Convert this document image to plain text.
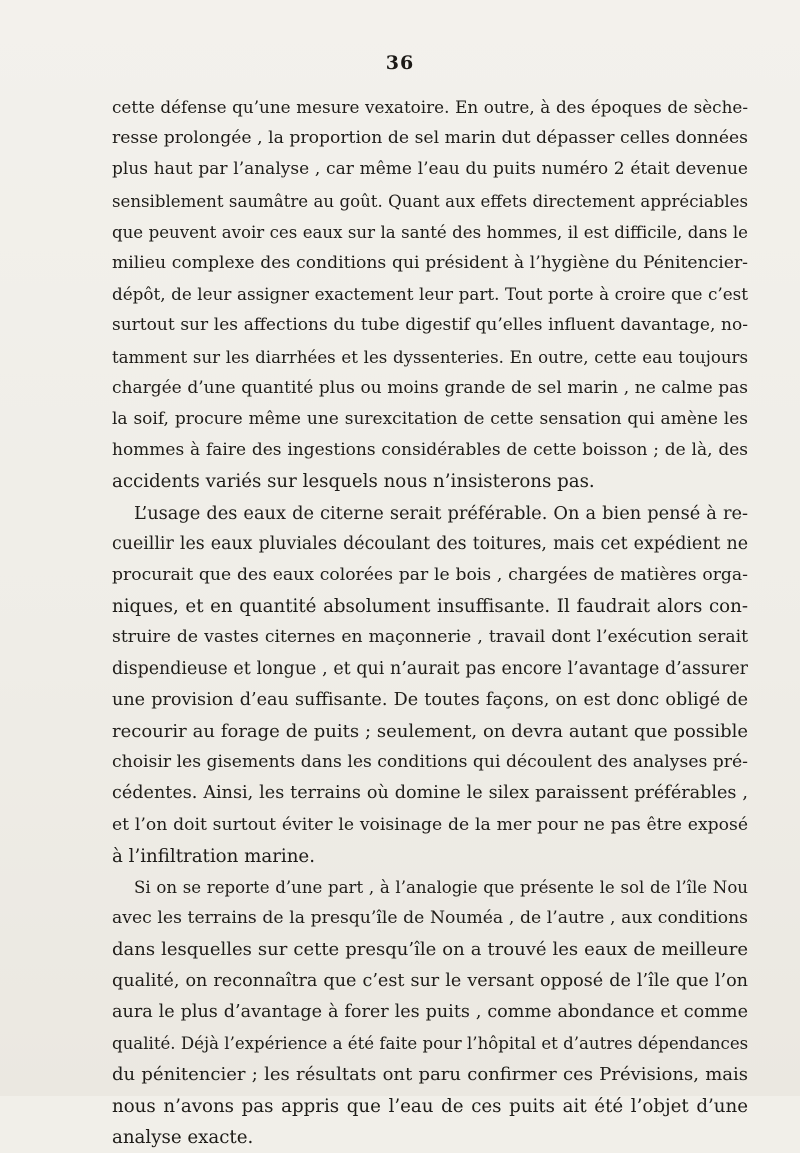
36
cette défense qu’une mesure vexatoire. En outre, à des époques de sèche-
resse prolongée , la proportion de sel marin dut dépasser celles données
plus haut par l’analyse , car même l’eau du puits numéro 2 était devenue
sensiblement saumâtre au goût. Quant aux effets directement appréciables
que peuvent avoir ces eaux sur la santé des hommes, il est difficile, dans le
milieu complexe des conditions qui président à l’hygiène du Pénitencier-
dépôt, de leur assigner exactement leur part. Tout porte à croire que c’est
surtout sur les affections du tube digestif qu’elles influent davantage, no-
tamment sur les diarrhées et les dyssenteries. En outre, cette eau toujours
chargée d’une quantité plus ou moins grande de sel marin , ne calme pas
la soif, procure même une surexcitation de cette sensation qui amène les
hommes à faire des ingestions considérables de cette boisson ; de là, des
accidents variés sur lesquels nous n’insisterons pas.
L’usage des eaux de citerne serait préférable. On a bien pensé à re-
cueillir les eaux pluviales découlant des toitures, mais cet expédient ne
procurait que des eaux colorées par le bois , chargées de matières orga-
niques, et en quantité absolument insuffisante. Il faudrait alors con-
struire de vastes citernes en maçonnerie , travail dont l’exécution serait
dispendieuse et longue , et qui n’aurait pas encore l’avantage d’assurer
une provision d’eau suffisante. De toutes façons, on est donc obligé de
recourir au forage de puits ; seulement, on devra autant que possible
choisir les gisements dans les conditions qui découlent des analyses pré-
cédentes. Ainsi, les terrains où domine le silex paraissent préférables ,
et l’on doit surtout éviter le voisinage de la mer pour ne pas être exposé
à l’infiltration marine.
Si on se reporte d’une part , à l’analogie que présente le sol de l’île Nou
avec les terrains de la presqu’île de Nouméa , de l’autre , aux conditions
dans lesquelles sur cette presqu’île on a trouvé les eaux de meilleure
qualité, on reconnaîtra que c’est sur le versant opposé de l’île que l’on
aura le plus d’avantage à forer les puits , comme abondance et comme
qualité. Déjà l’expérience a été faite pour l’hôpital et d’autres dépendances
du pénitencier ; les résultats ont paru confirmer ces Prévisions, mais
nous n’avons pas appris que l’eau de ces puits ait été l’objet d’une
analyse exacte.
